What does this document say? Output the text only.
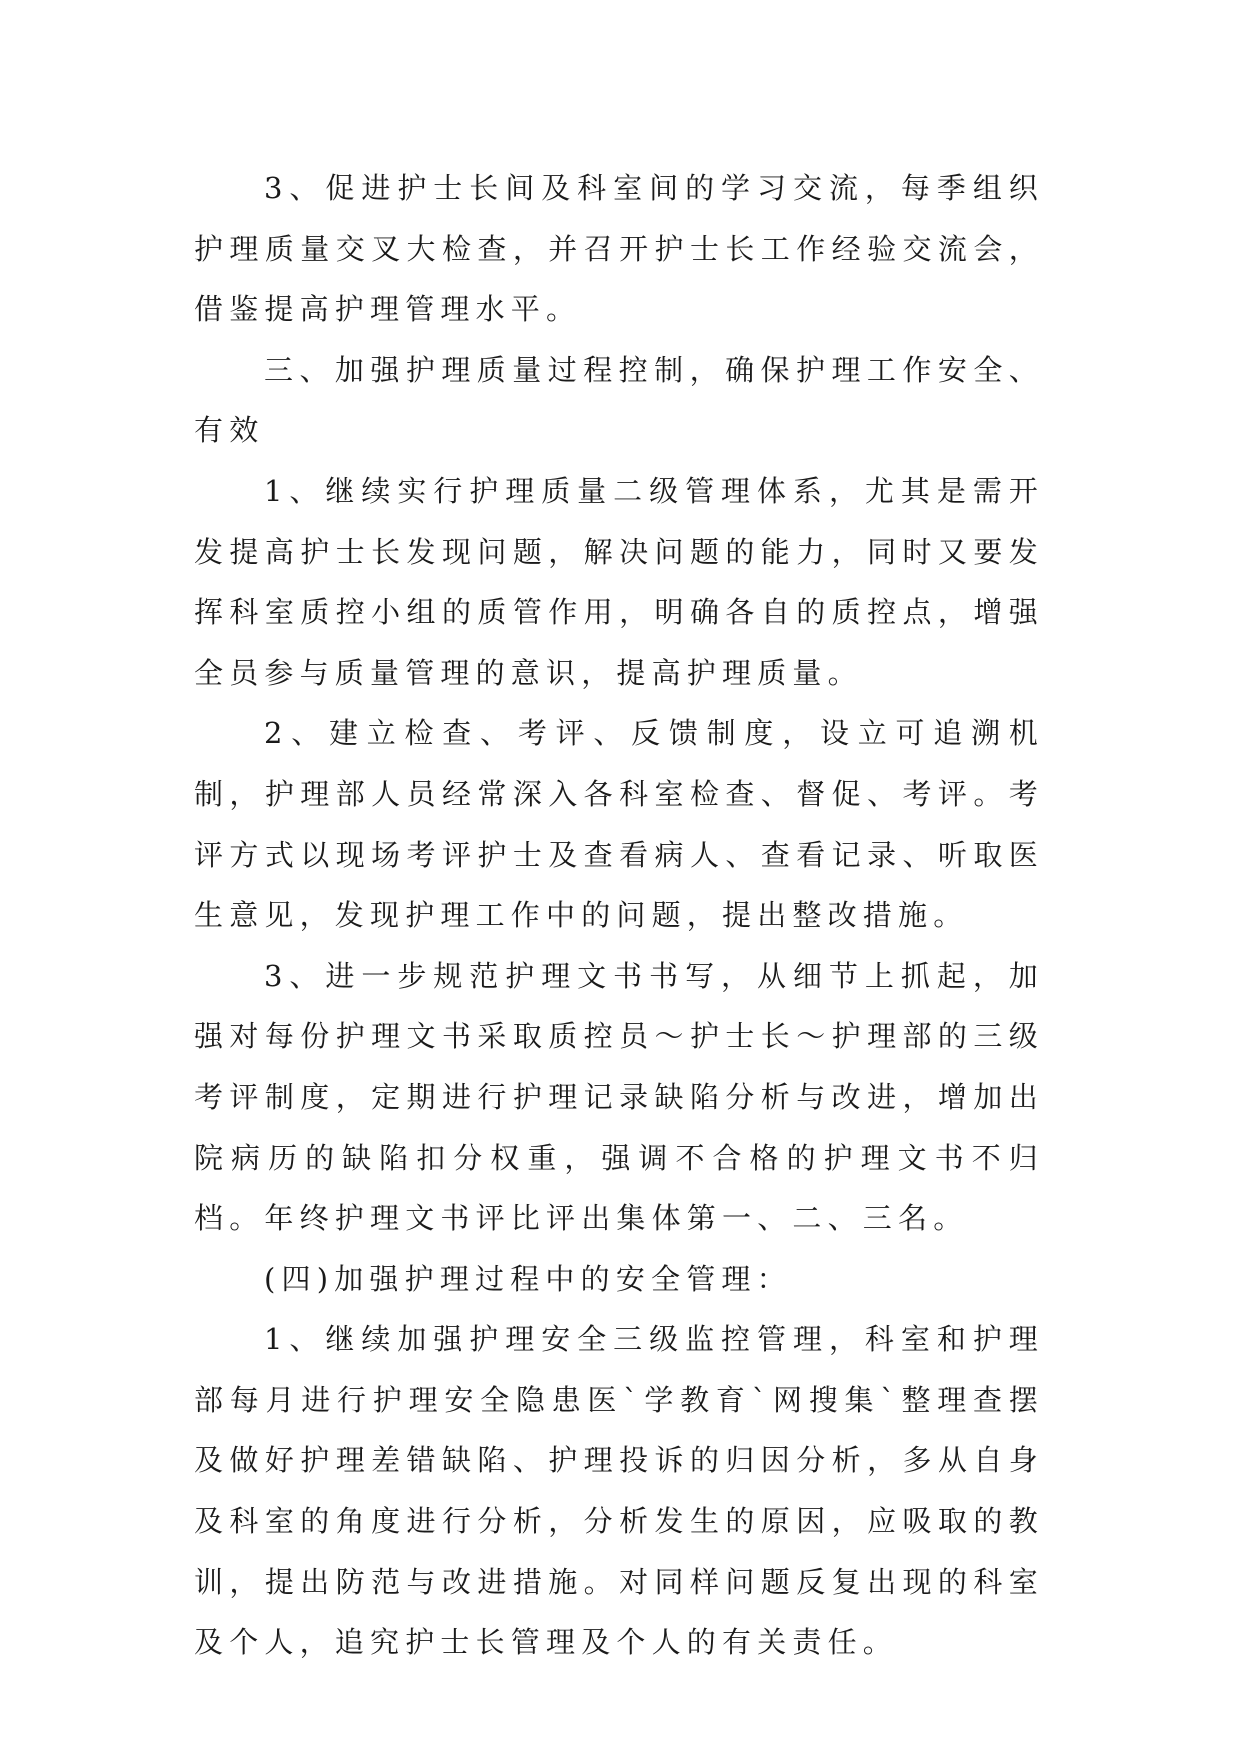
3、促进护士长间及科室间的学习交流，每季组织护理质量交叉大检查，并召开护士长工作经验交流会，借鉴提高护理管理水平。

三、加强护理质量过程控制，确保护理工作安全、有效

1、继续实行护理质量二级管理体系，尤其是需开发提高护士长发现问题，解决问题的能力，同时又要发挥科室质控小组的质管作用，明确各自的质控点，增强全员参与质量管理的意识，提高护理质量。

2、建立检查、考评、反馈制度，设立可追溯机制，护理部人员经常深入各科室检查、督促、考评。考评方式以现场考评护士及查看病人、查看记录、听取医生意见，发现护理工作中的问题，提出整改措施。

3、进一步规范护理文书书写，从细节上抓起，加强对每份护理文书采取质控员～护士长～护理部的三级考评制度，定期进行护理记录缺陷分析与改进，增加出院病历的缺陷扣分权重，强调不合格的护理文书不归档。年终护理文书评比评出集体第一、二、三名。

(四)加强护理过程中的安全管理：

1、继续加强护理安全三级监控管理，科室和护理部每月进行护理安全隐患医`学教育`网搜集`整理查摆及做好护理差错缺陷、护理投诉的归因分析，多从自身及科室的角度进行分析，分析发生的原因，应吸取的教训，提出防范与改进措施。对同样问题反复出现的科室及个人，追究护士长管理及个人的有关责任。
